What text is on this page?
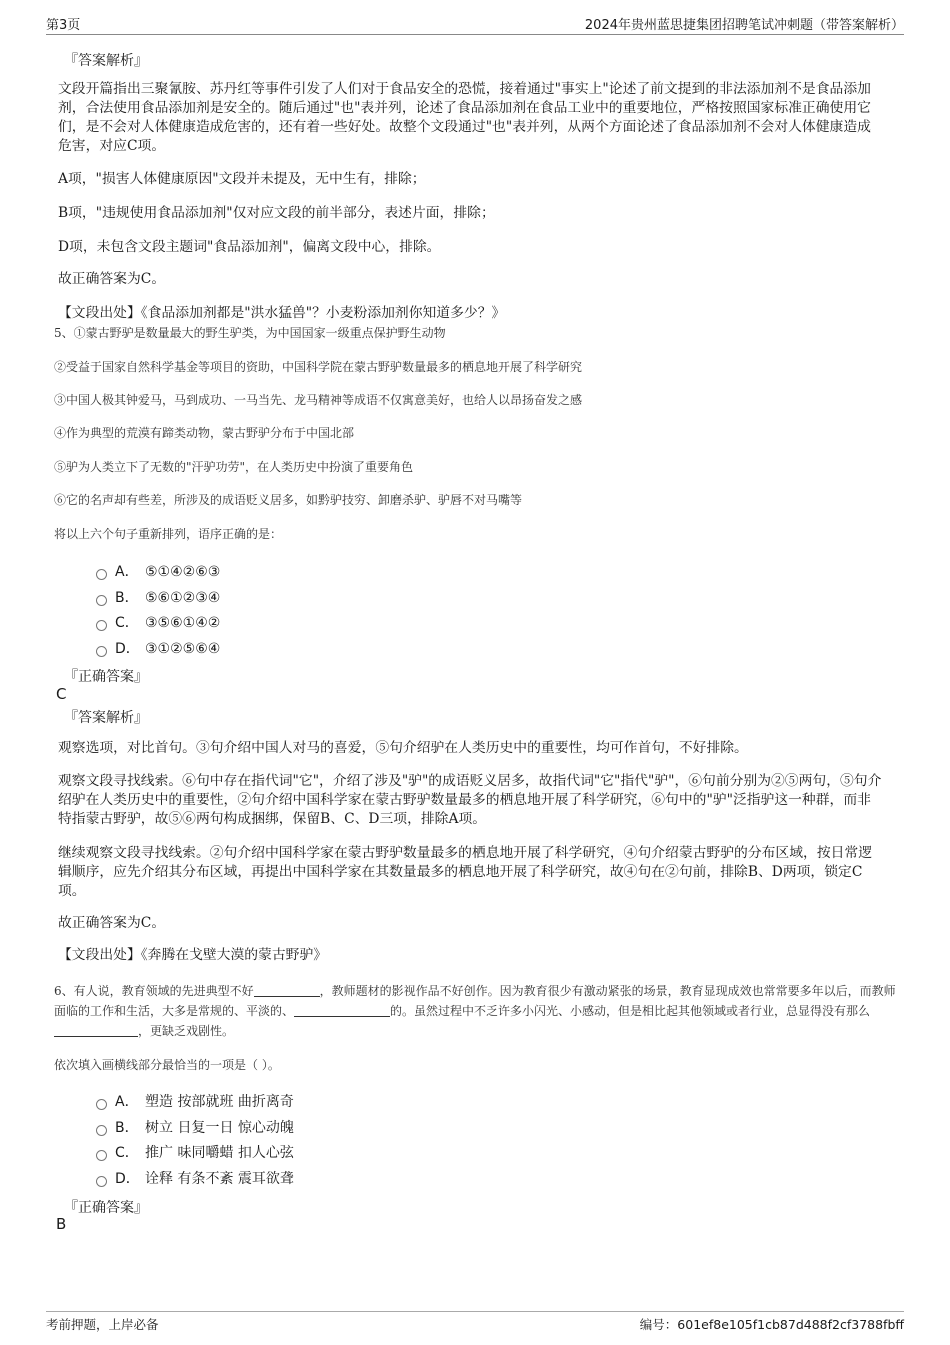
第3页	2024年贵州蓝思捷集团招聘笔试冲刺题（带答案解析）
『答案解析』
文段开篇指出三聚氰胺、苏丹红等事件引发了人们对于食品安全的恐慌，接着通过"事实上"论述了前文提到的非法添加剂不是食品添加剂，合法使用食品添加剂是安全的。随后通过"也"表并列，论述了食品添加剂在食品工业中的重要地位，严格按照国家标准正确使用它们，是不会对人体健康造成危害的，还有着一些好处。故整个文段通过"也"表并列，从两个方面论述了食品添加剂不会对人体健康造成危害，对应C项。
A项，"损害人体健康原因"文段并未提及，无中生有，排除；
B项，"违规使用食品添加剂"仅对应文段的前半部分，表述片面，排除；
D项，未包含文段主题词"食品添加剂"，偏离文段中心，排除。
故正确答案为C。
【文段出处】《食品添加剂都是"洪水猛兽"？小麦粉添加剂你知道多少？》
5、①蒙古野驴是数量最大的野生驴类，为中国国家一级重点保护野生动物
②受益于国家自然科学基金等项目的资助，中国科学院在蒙古野驴数量最多的栖息地开展了科学研究
③中国人极其钟爱马，马到成功、一马当先、龙马精神等成语不仅寓意美好，也给人以昂扬奋发之感
④作为典型的荒漠有蹄类动物，蒙古野驴分布于中国北部
⑤驴为人类立下了无数的"汗驴功劳"，在人类历史中扮演了重要角色
⑥它的名声却有些差，所涉及的成语贬义居多，如黔驴技穷、卸磨杀驴、驴唇不对马嘴等
将以上六个句子重新排列，语序正确的是：
A． ⑤①④②⑥③
B． ⑤⑥①②③④
C． ③⑤⑥①④②
D． ③①②⑤⑥④
『正确答案』
C
『答案解析』
观察选项，对比首句。③句介绍中国人对马的喜爱，⑤句介绍驴在人类历史中的重要性，均可作首句，不好排除。
观察文段寻找线索。⑥句中存在指代词"它"，介绍了涉及"驴"的成语贬义居多，故指代词"它"指代"驴"，⑥句前分别为②⑤两句，⑤句介绍驴在人类历史中的重要性，②句介绍中国科学家在蒙古野驴数量最多的栖息地开展了科学研究，⑥句中的"驴"泛指驴这一种群，而非特指蒙古野驴，故⑤⑥两句构成捆绑，保留B、C、D三项，排除A项。
继续观察文段寻找线索。②句介绍中国科学家在蒙古野驴数量最多的栖息地开展了科学研究，④句介绍蒙古野驴的分布区域，按日常逻辑顺序，应先介绍其分布区域，再提出中国科学家在其数量最多的栖息地开展了科学研究，故④句在②句前，排除B、D两项，锁定C项。
故正确答案为C。
【文段出处】《奔腾在戈壁大漠的蒙古野驴》
6、有人说，教育领域的先进典型不好	，教师题材的影视作品不好创作。因为教育很少有激动紧张的场景，教育显现成效也常常要多年以后，而教师面临的工作和生活，大多是常规的、平淡的、	的。虽然过程中不乏许多小闪光、小感动，但是相比起其他领域或者行业，总显得没有那么，更缺乏戏剧性。
依次填入画横线部分最恰当的一项是（ ）。
A． 塑造 按部就班 曲折离奇
B． 树立 日复一日 惊心动魄
C． 推广 味同嚼蜡 扣人心弦
D． 诠释 有条不紊 震耳欲聋
『正确答案』
B
考前押题，上岸必备	编号：601ef8e105f1cb87d488f2cf3788fbff
